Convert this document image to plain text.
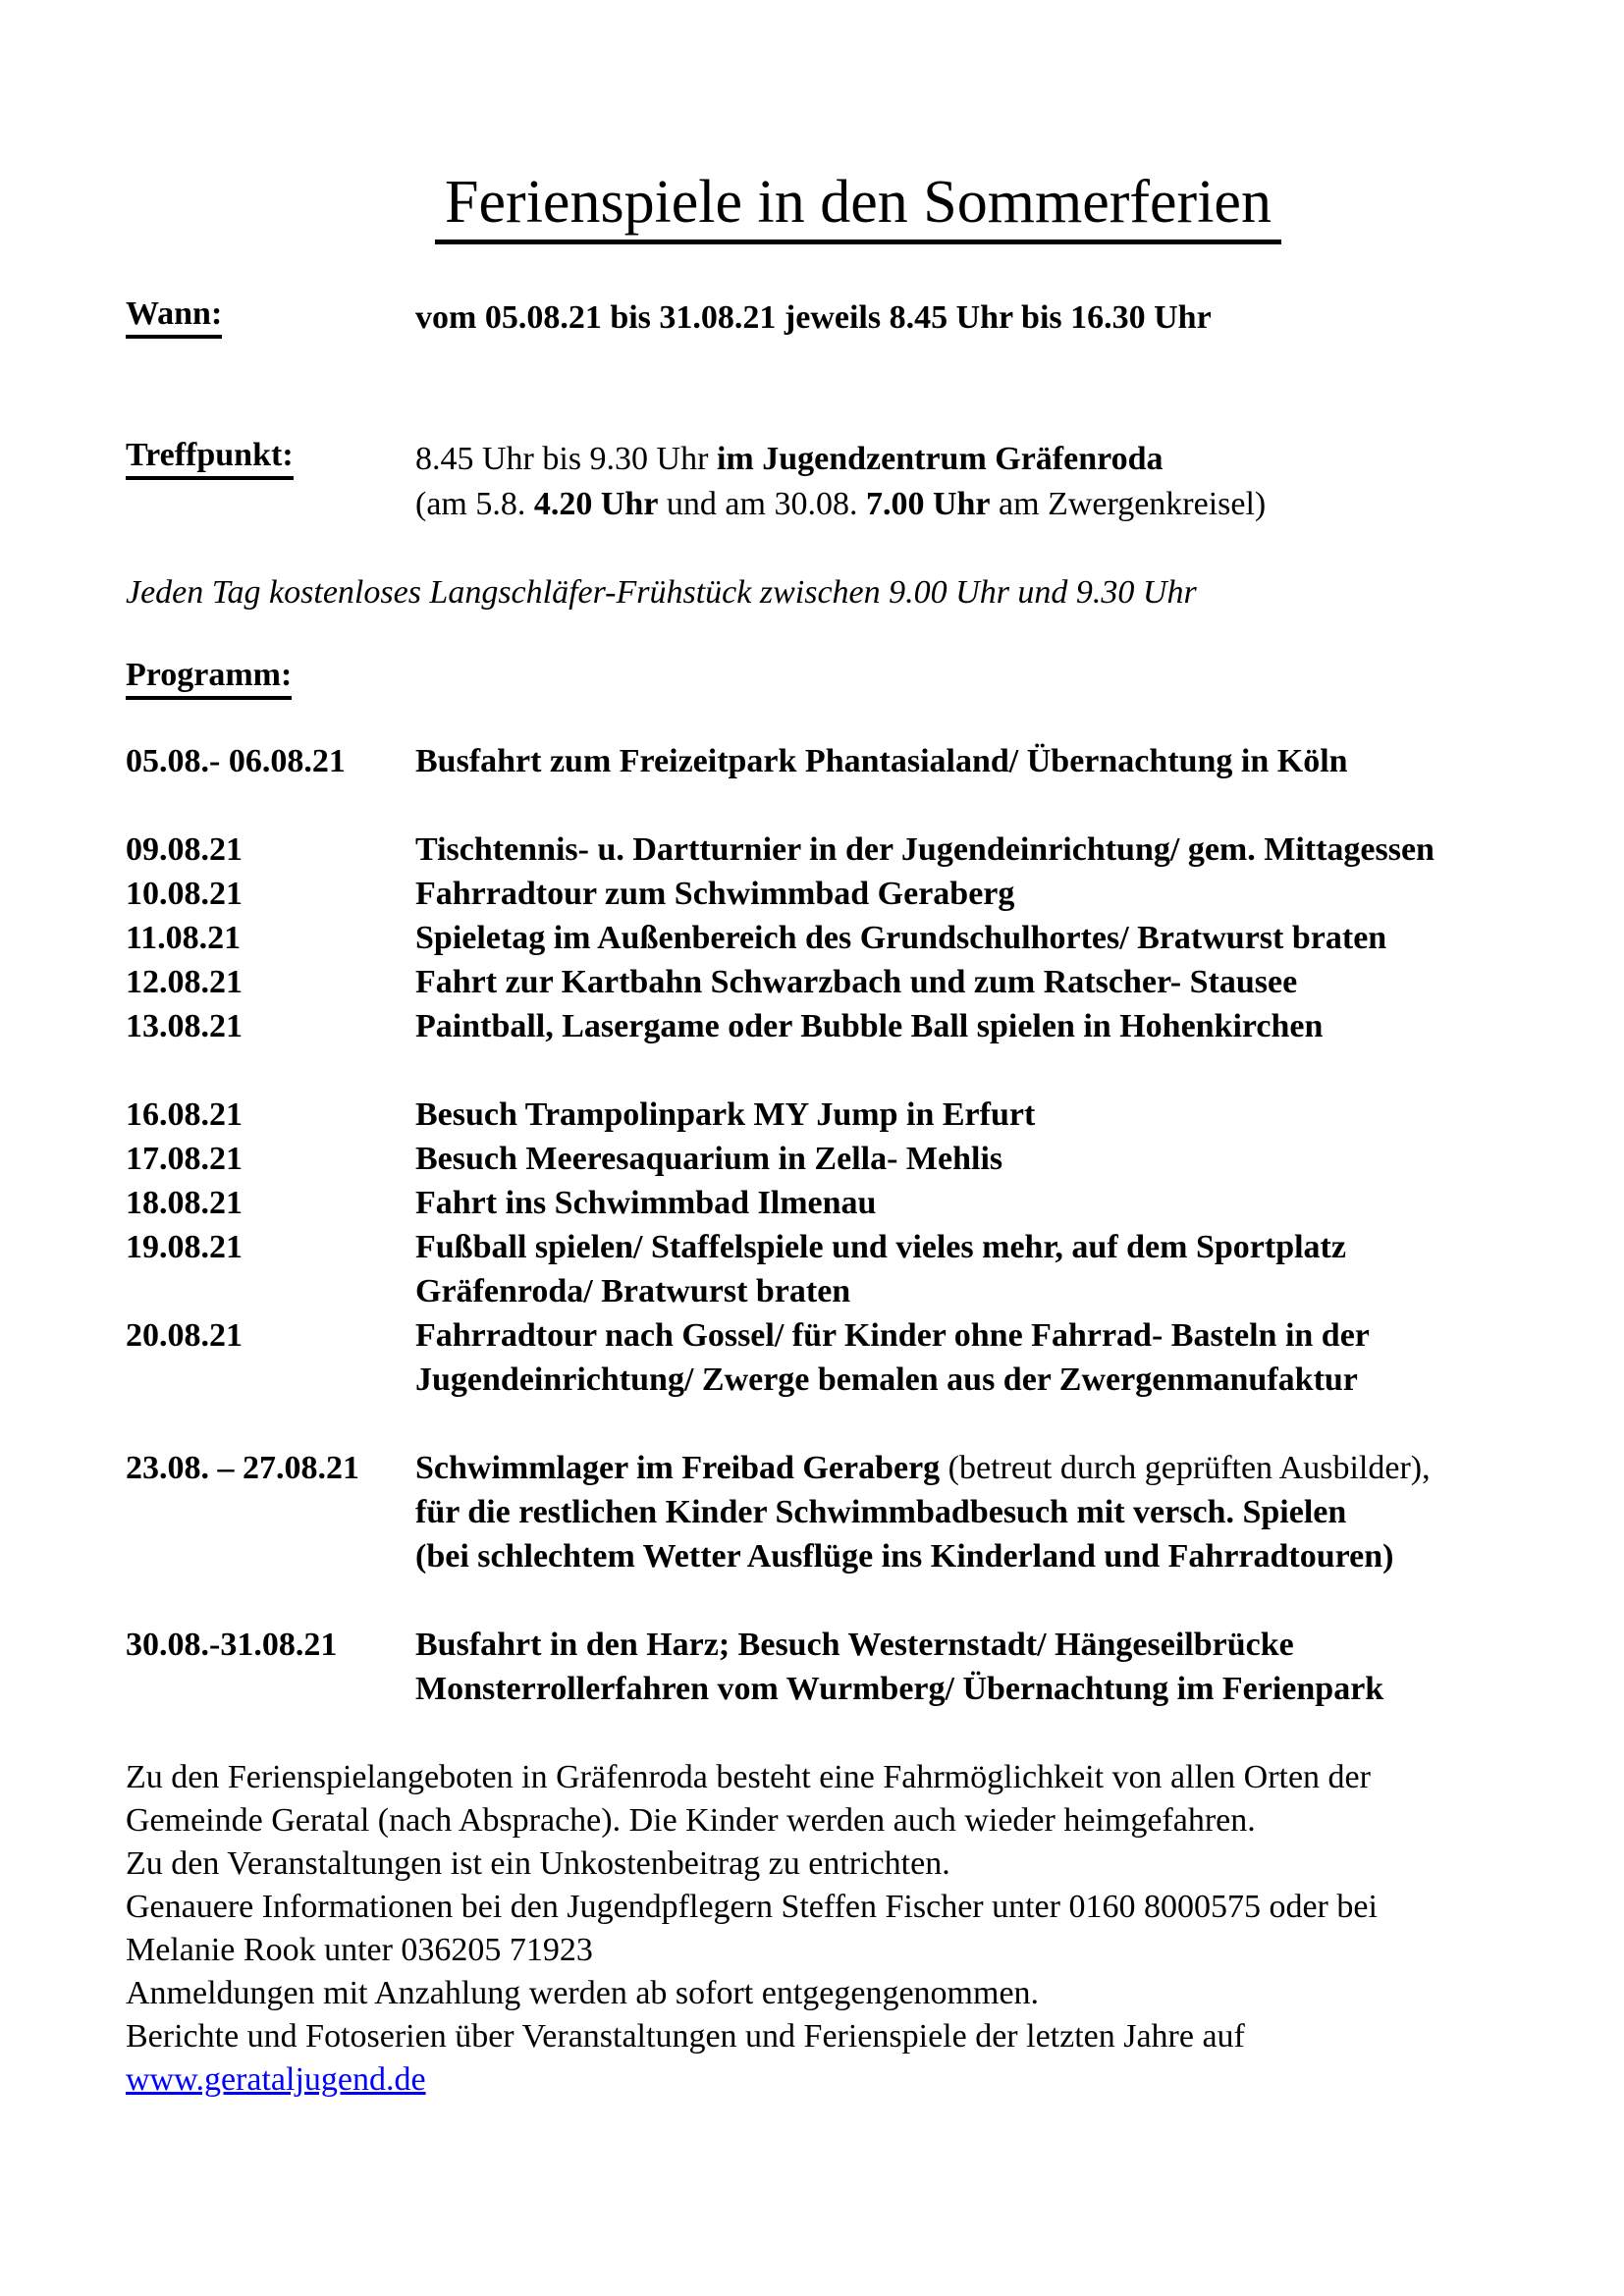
Ferienspiele in den Sommerferien
Wann:	vom 05.08.21 bis 31.08.21 jeweils 8.45 Uhr bis 16.30 Uhr
Treffpunkt:	8.45 Uhr bis 9.30 Uhr im Jugendzentrum Gräfenroda
(am 5.8. 4.20 Uhr und am 30.08. 7.00 Uhr am Zwergenkreisel)
Jeden Tag kostenloses Langschläfer-Frühstück zwischen 9.00 Uhr und 9.30 Uhr
Programm:
05.08.- 06.08.21	Busfahrt zum Freizeitpark Phantasialand/ Übernachtung in Köln
09.08.21	Tischtennis- u. Dartturnier in der Jugendeinrichtung/ gem. Mittagessen
10.08.21	Fahrradtour zum Schwimmbad Geraberg
11.08.21	Spieletag im Außenbereich des Grundschulhortes/ Bratwurst braten
12.08.21	Fahrt zur Kartbahn Schwarzbach und zum Ratscher- Stausee
13.08.21	Paintball, Lasergame oder Bubble Ball spielen in Hohenkirchen
16.08.21	Besuch Trampolinpark MY Jump in Erfurt
17.08.21	Besuch Meeresaquarium in Zella- Mehlis
18.08.21	Fahrt ins Schwimmbad Ilmenau
19.08.21	Fußball spielen/ Staffelspiele und vieles mehr, auf dem Sportplatz
Gräfenroda/ Bratwurst braten
20.08.21	Fahrradtour nach Gossel/ für Kinder ohne Fahrrad- Basteln in der
Jugendeinrichtung/ Zwerge bemalen aus der Zwergenmanufaktur
23.08. – 27.08.21	Schwimmlager im Freibad Geraberg (betreut durch geprüften Ausbilder),
für die restlichen Kinder Schwimmbadbesuch mit versch. Spielen
(bei schlechtem Wetter Ausflüge ins Kinderland und Fahrradtouren)
30.08.-31.08.21	Busfahrt in den Harz; Besuch Westernstadt/ Hängeseilbrücke
Monsterrollerfahren vom Wurmberg/ Übernachtung im Ferienpark
Zu den Ferienspielangeboten in Gräfenroda besteht eine Fahrmöglichkeit von allen Orten der
Gemeinde Geratal (nach Absprache). Die Kinder werden auch wieder heimgefahren.
Zu den Veranstaltungen ist ein Unkostenbeitrag zu entrichten.
Genauere Informationen bei den Jugendpflegern Steffen Fischer unter 0160 8000575 oder bei
Melanie Rook unter 036205 71923
Anmeldungen mit Anzahlung werden ab sofort entgegengenommen.
Berichte und Fotoserien über Veranstaltungen und Ferienspiele der letzten Jahre auf
www.gerataljugend.de
